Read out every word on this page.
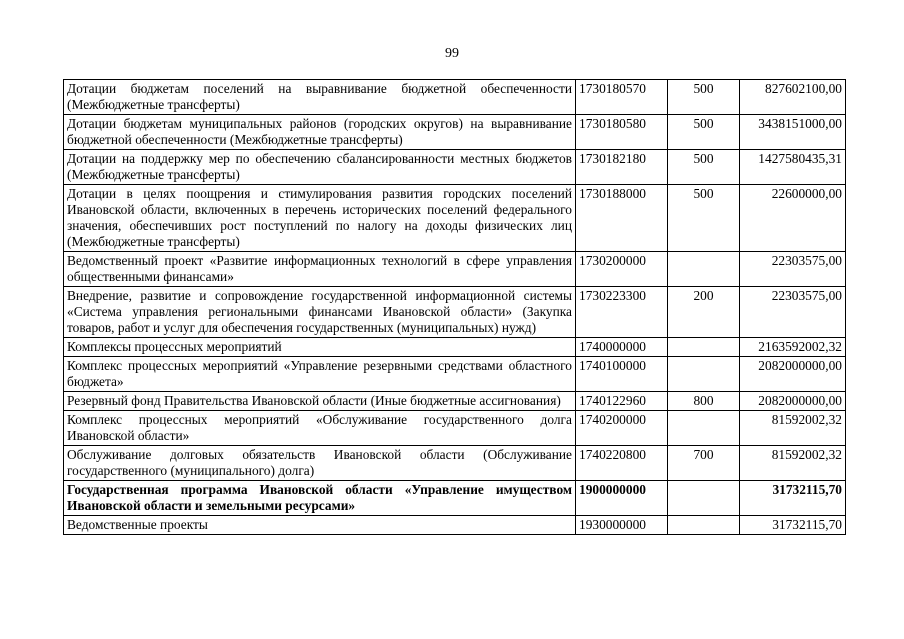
99
Дотации бюджетам поселений на выравнивание бюджетной обеспеченности (Межбюджетные трансферты)	1730180570	500	827602100,00
Дотации бюджетам муниципальных районов (городских округов) на выравнивание бюджетной обеспеченности (Межбюджетные трансферты)	1730180580	500	3438151000,00
Дотации на поддержку мер по обеспечению сбалансированности местных бюджетов (Межбюджетные трансферты)	1730182180	500	1427580435,31
Дотации в целях поощрения и стимулирования развития городских поселений Ивановской области, включенных в перечень исторических поселений федерального значения, обеспечивших рост поступлений по налогу на доходы физических лиц (Межбюджетные трансферты)	1730188000	500	22600000,00
Ведомственный проект «Развитие информационных технологий в сфере управления общественными финансами»	1730200000		22303575,00
Внедрение, развитие и сопровождение государственной информационной системы «Система управления региональными финансами Ивановской области» (Закупка товаров, работ и услуг для обеспечения государственных (муниципальных) нужд)	1730223300	200	22303575,00
Комплексы процессных мероприятий	1740000000		2163592002,32
Комплекс процессных мероприятий «Управление резервными средствами областного бюджета»	1740100000		2082000000,00
Резервный фонд Правительства Ивановской области (Иные бюджетные ассигнования)	1740122960	800	2082000000,00
Комплекс процессных мероприятий «Обслуживание государственного долга Ивановской области»	1740200000		81592002,32
Обслуживание долговых обязательств Ивановской области (Обслуживание государственного (муниципального) долга)	1740220800	700	81592002,32
Государственная программа Ивановской области «Управление имуществом Ивановской области и земельными ресурсами»	1900000000		31732115,70
Ведомственные проекты	1930000000		31732115,70
